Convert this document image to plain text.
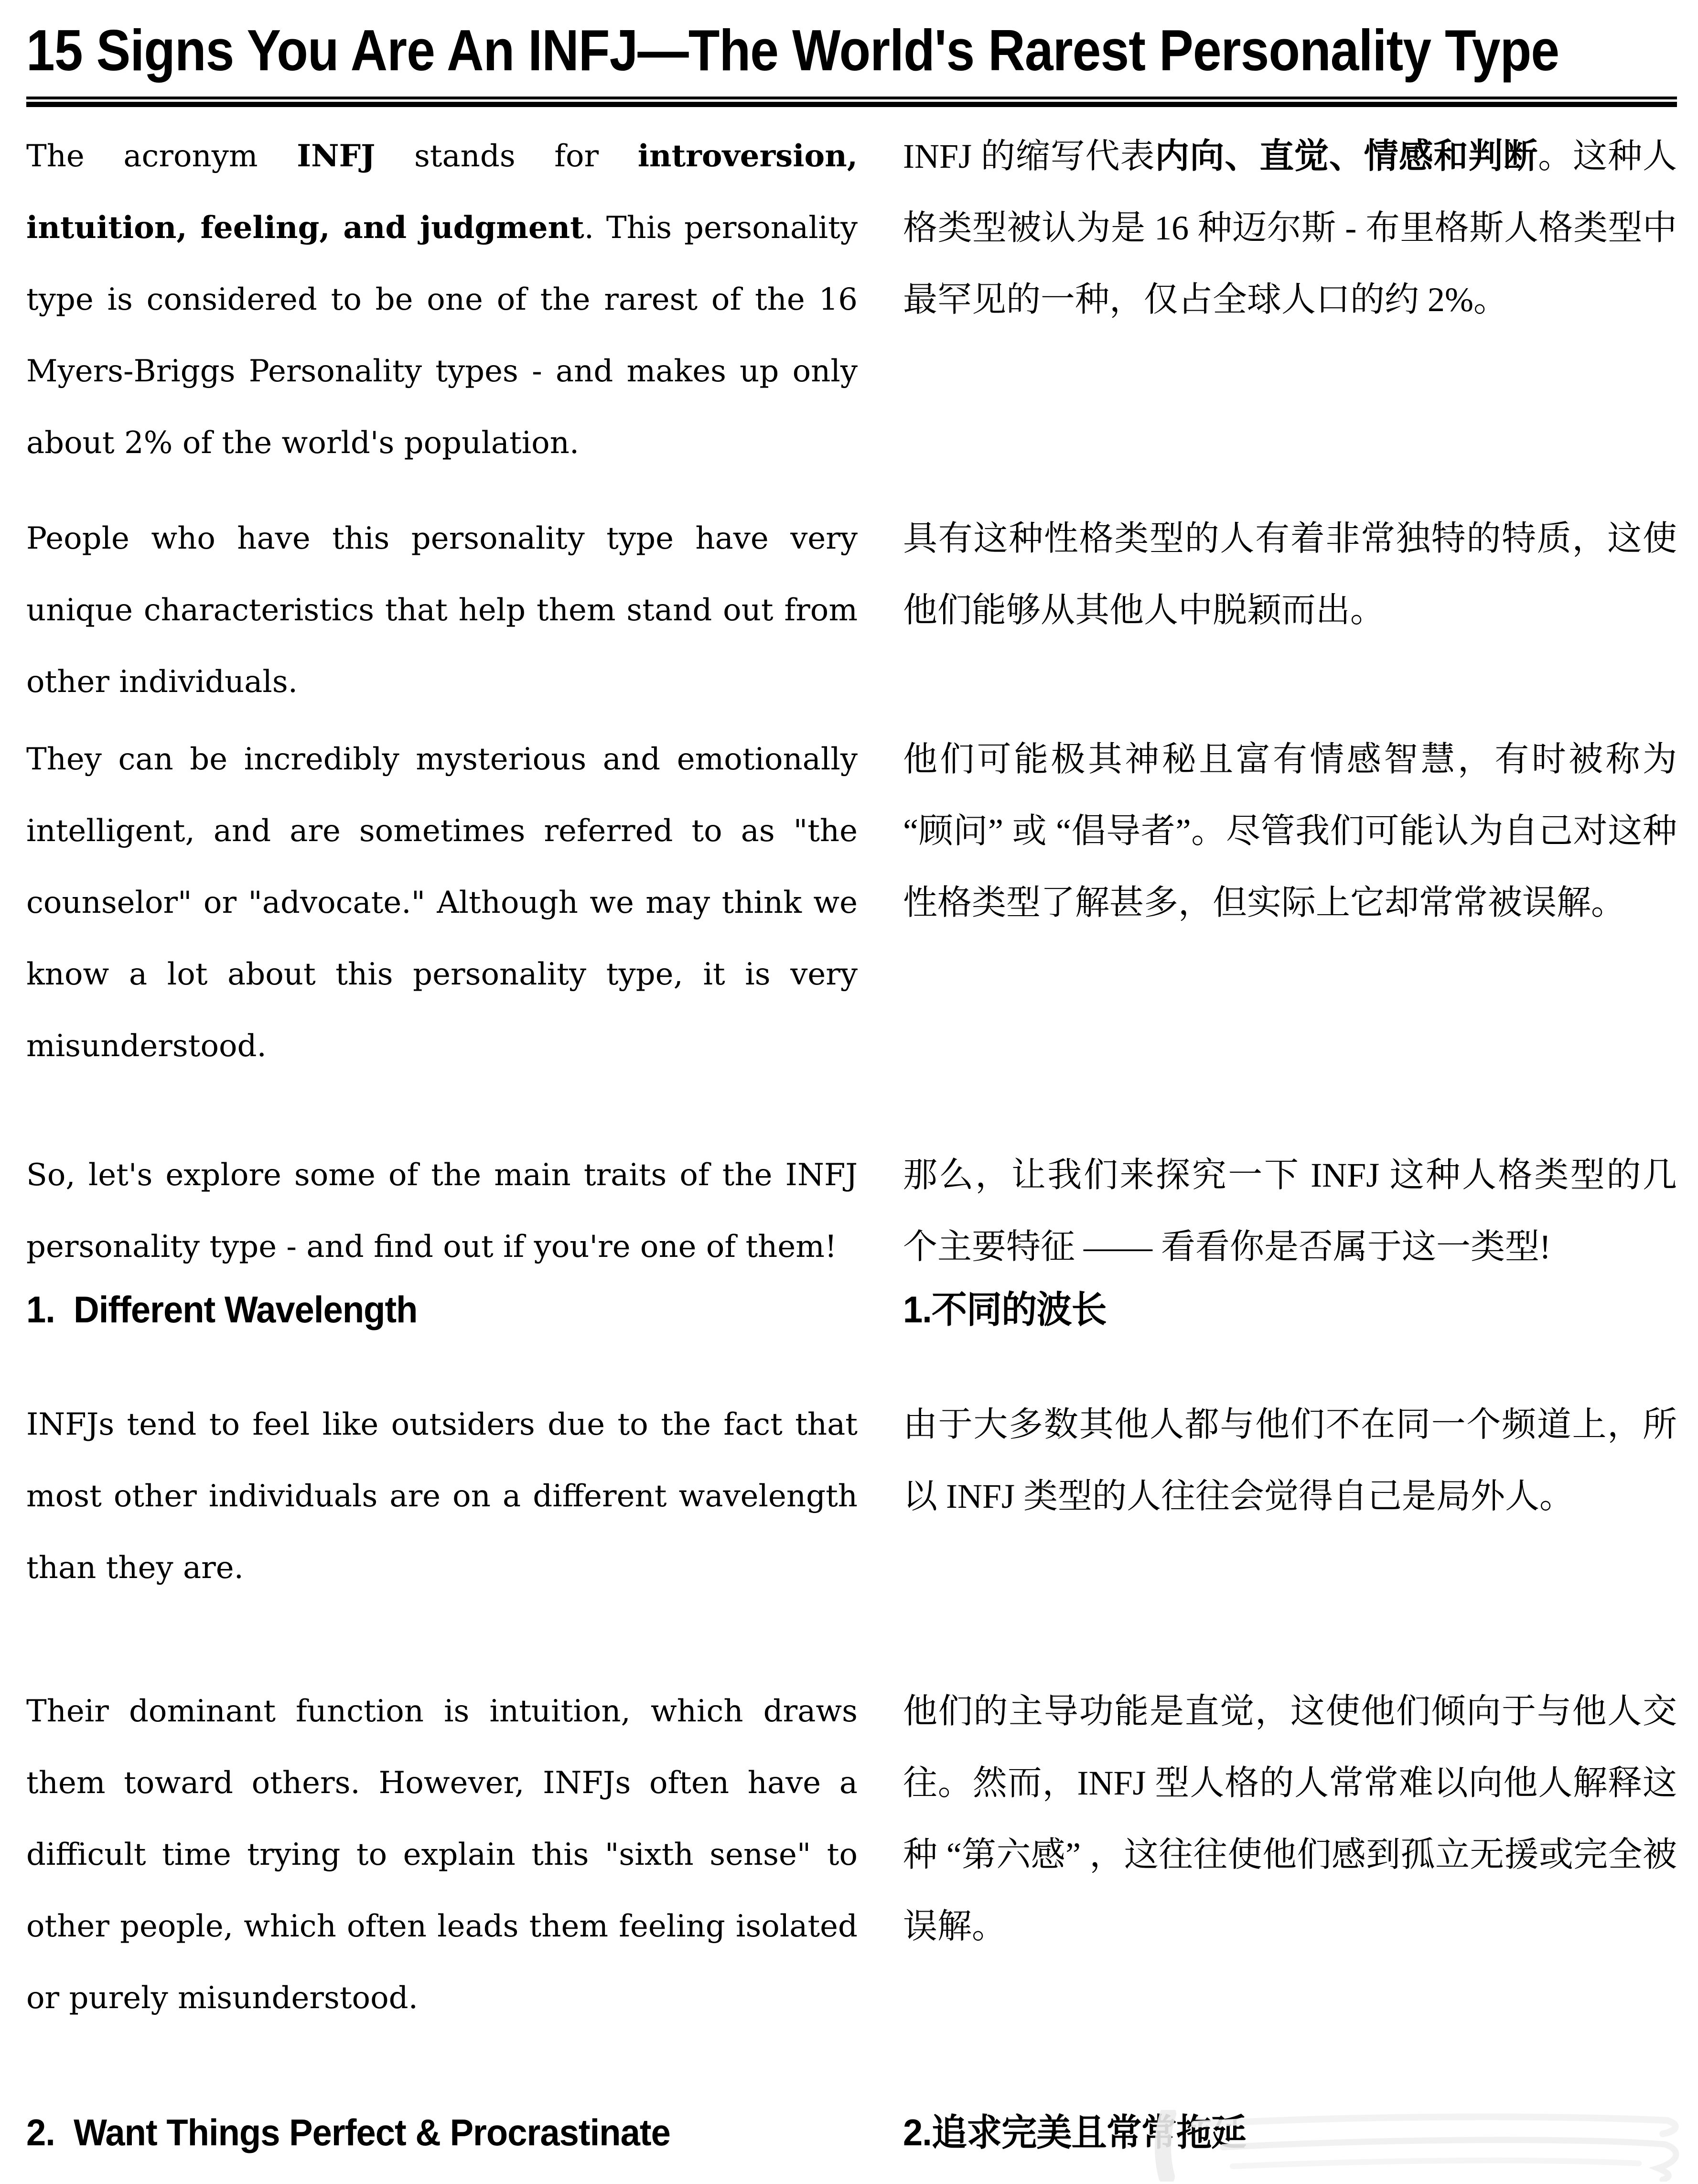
15 Signs You Are An INFJ—The World's Rarest Personality Type

The acronym INFJ stands for introversion, intuition, feeling, and judgment. This personality type is considered to be one of the rarest of the 16 Myers-Briggs Personality types - and makes up only about 2% of the world's population.

INFJ 的缩写代表内向、直觉、情感和判断。这种人格类型被认为是 16 种迈尔斯 - 布里格斯人格类型中最罕见的一种，仅占全球人口的约 2%。

People who have this personality type have very unique characteristics that help them stand out from other individuals.

具有这种性格类型的人有着非常独特的特质，这使他们能够从其他人中脱颖而出。

They can be incredibly mysterious and emotionally intelligent, and are sometimes referred to as "the counselor" or "advocate." Although we may think we know a lot about this personality type, it is very misunderstood.

他们可能极其神秘且富有情感智慧，有时被称为 “顾问” 或 “倡导者”。尽管我们可能认为自己对这种性格类型了解甚多，但实际上它却常常被误解。

So, let's explore some of the main traits of the INFJ personality type - and find out if you're one of them!

那么，让我们来探究一下 INFJ 这种人格类型的几个主要特征 —— 看看你是否属于这一类型!

1.  Different Wavelength	1.不同的波长

INFJs tend to feel like outsiders due to the fact that most other individuals are on a different wavelength than they are.

由于大多数其他人都与他们不在同一个频道上，所以 INFJ 类型的人往往会觉得自己是局外人。

Their dominant function is intuition, which draws them toward others. However, INFJs often have a difficult time trying to explain this "sixth sense" to other people, which often leads them feeling isolated or purely misunderstood.

他们的主导功能是直觉，这使他们倾向于与他人交往。然而，INFJ 型人格的人常常难以向他人解释这种 “第六感” ，这往往使他们感到孤立无援或完全被误解。

2.  Want Things Perfect & Procrastinate	2.追求完美且常常拖延
